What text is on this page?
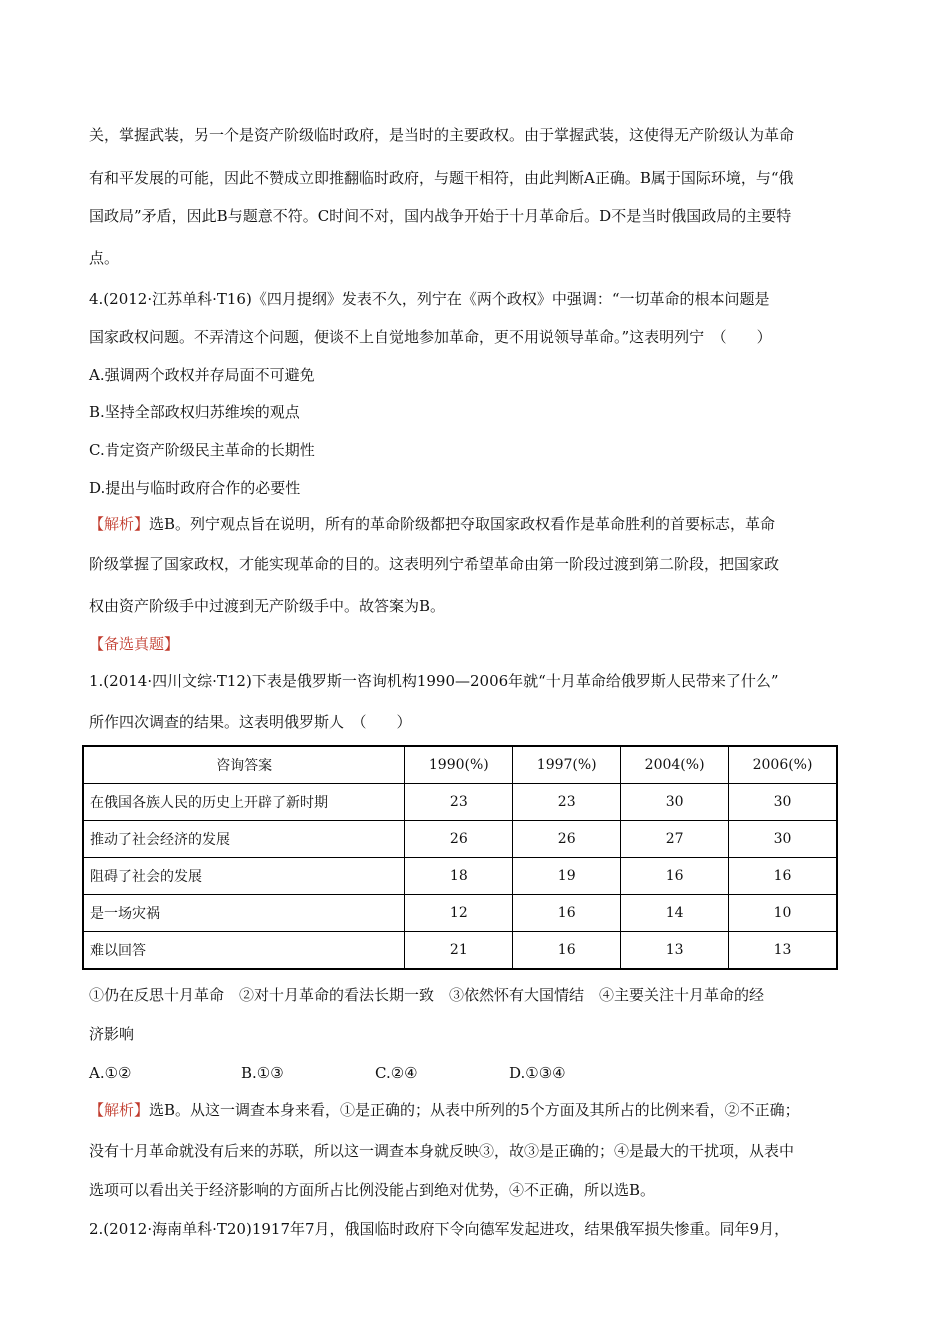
关，掌握武装，另一个是资产阶级临时政府，是当时的主要政权。由于掌握武装，这使得无产阶级认为革命
有和平发展的可能，因此不赞成立即推翻临时政府，与题干相符，由此判断A正确。B属于国际环境，与“俄
国政局”矛盾，因此B与题意不符。C时间不对，国内战争开始于十月革命后。D不是当时俄国政局的主要特
点。
4.(2012·江苏单科·T16)《四月提纲》发表不久，列宁在《两个政权》中强调：“一切革命的根本问题是
国家政权问题。不弄清这个问题，便谈不上自觉地参加革命，更不用说领导革命。”这表明列宁　（　　）
A.强调两个政权并存局面不可避免
B.坚持全部政权归苏维埃的观点
C.肯定资产阶级民主革命的长期性
D.提出与临时政府合作的必要性
【解析】选B。列宁观点旨在说明，所有的革命阶级都把夺取国家政权看作是革命胜利的首要标志，革命
阶级掌握了国家政权，才能实现革命的目的。这表明列宁希望革命由第一阶段过渡到第二阶段，把国家政
权由资产阶级手中过渡到无产阶级手中。故答案为B。
【备选真题】
1.(2014·四川文综·T12)下表是俄罗斯一咨询机构1990—2006年就“十月革命给俄罗斯人民带来了什么”
所作四次调查的结果。这表明俄罗斯人　（　　）
咨询答案	1990(%)	1997(%)	2004(%)	2006(%)
在俄国各族人民的历史上开辟了新时期	23	23	30	30
推动了社会经济的发展	26	26	27	30
阻碍了社会的发展	18	19	16	16
是一场灾祸	12	16	14	10
难以回答	21	16	13	13
①仍在反思十月革命　②对十月革命的看法长期一致　③依然怀有大国情结　④主要关注十月革命的经
济影响
A.①②	B.①③	C.②④	D.①③④
【解析】选B。从这一调查本身来看，①是正确的；从表中所列的5个方面及其所占的比例来看，②不正确；
没有十月革命就没有后来的苏联，所以这一调查本身就反映③，故③是正确的；④是最大的干扰项，从表中
选项可以看出关于经济影响的方面所占比例没能占到绝对优势，④不正确，所以选B。
2.(2012·海南单科·T20)1917年7月，俄国临时政府下令向德军发起进攻，结果俄军损失惨重。同年9月，
